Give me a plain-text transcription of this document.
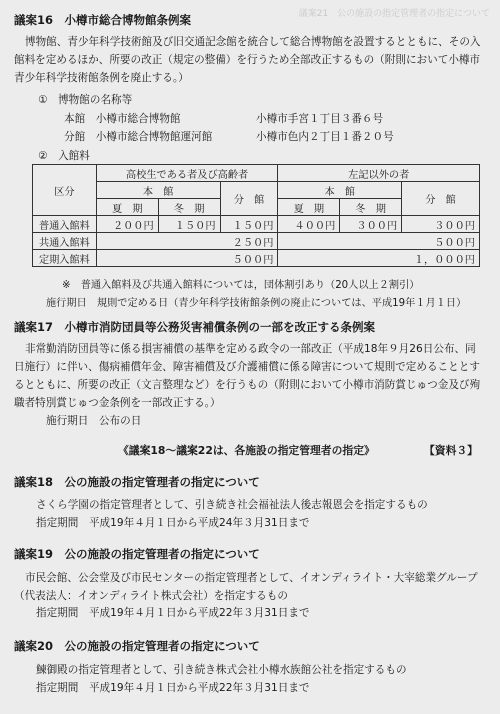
議案21　公の施設の指定管理者の指定について
議案16　小樽市総合博物館条例案
博物館、青少年科学技術館及び旧交通記念館を統合して総合博物館を設置するとともに、その入館料を定めるほか、所要の改正（規定の整備）を行うため全部改正するもの（附則において小樽市青少年科学技術館条例を廃止する。）
①　博物館の名称等
本館　小樽市総合博物館	小樽市手宮１丁目３番６号
分館　小樽市総合博物館運河館	小樽市色内２丁目１番２０号
②　入館料
区分	高校生である者及び高齢者			左記以外の者		
	本　館		分　館	本　館		分　館
	夏　期	冬　期		夏　期	冬　期	
普通入館料	２００円	１５０円	１５０円	４００円	３００円	３００円
共通入館料	２５０円			５００円		
定期入館料	５００円			１，０００円		
※　普通入館料及び共通入館料については，団体割引あり（20人以上２割引）
施行期日　規則で定める日（青少年科学技術館条例の廃止については、平成19年１月１日）
議案17　小樽市消防団員等公務災害補償条例の一部を改正する条例案
非常勤消防団員等に係る損害補償の基準を定める政令の一部改正（平成18年９月26日公布、同日施行）に伴い、傷病補償年金、障害補償及び介護補償に係る障害について規則で定めることとするとともに、所要の改正（文言整理など）を行うもの（附則において小樽市消防賞じゅつ金及び殉職者特別賞じゅつ金条例を一部改正する。）
施行期日　公布の日
《議案18〜議案22は、各施設の指定管理者の指定》	【資料３】
議案18　公の施設の指定管理者の指定について
さくら学園の指定管理者として、引き続き社会福祉法人後志報恩会を指定するもの
指定期間　平成19年４月１日から平成24年３月31日まで
議案19　公の施設の指定管理者の指定について
市民会館、公会堂及び市民センターの指定管理者として、イオンディライト・大宰総業グループ（代表法人：イオンディライト株式会社）を指定するもの
指定期間　平成19年４月１日から平成22年３月31日まで
議案20　公の施設の指定管理者の指定について
鰊御殿の指定管理者として、引き続き株式会社小樽水族館公社を指定するもの
指定期間　平成19年４月１日から平成22年３月31日まで
